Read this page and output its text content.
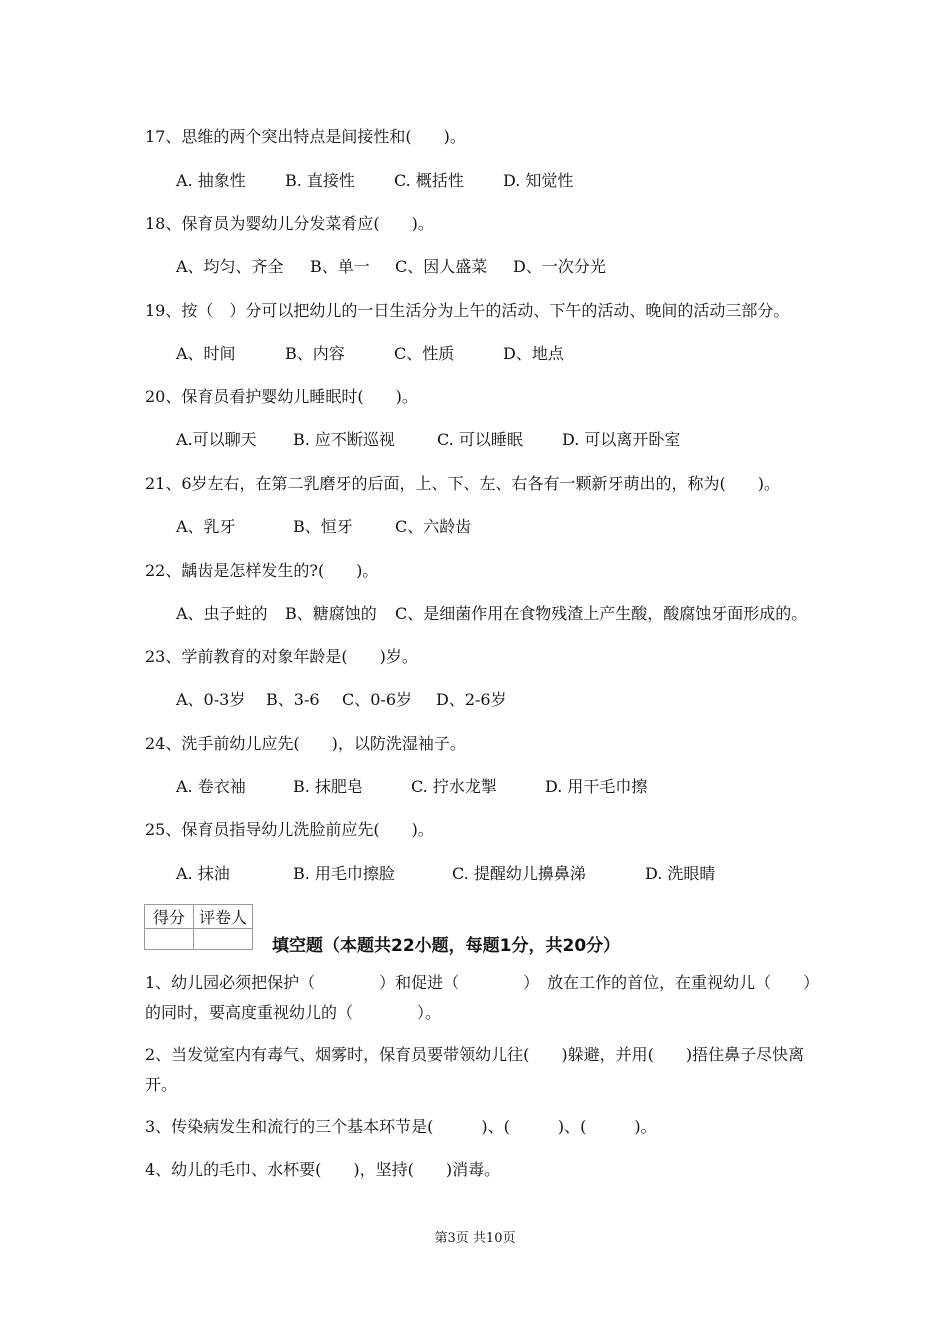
17、思维的两个突出特点是间接性和(　　)。
A. 抽象性 B. 直接性 C. 概括性 D. 知觉性
18、保育员为婴幼儿分发菜肴应(　　)。
A、均匀、齐全 B、单一 C、因人盛菜 D、一次分光
19、按（　）分可以把幼儿的一日生活分为上午的活动、下午的活动、晚间的活动三部分。
A、时间	B、内容	C、性质	D、地点
20、保育员看护婴幼儿睡眠时(　　)。
A.可以聊天 B. 应不断巡视	C. 可以睡眠 D. 可以离开卧室
21、6岁左右，在第二乳磨牙的后面，上、下、左、右各有一颗新牙萌出的，称为(　　)。
A、乳牙	B、恒牙	C、六龄齿
22、龋齿是怎样发生的?(　　)。
A、虫子蛀的 B、糖腐蚀的 C、是细菌作用在食物残渣上产生酸，酸腐蚀牙面形成的。
23、学前教育的对象年龄是(　　)岁。
A、0-3岁 B、3-6 C、0-6岁 D、2-6岁
24、洗手前幼儿应先(　　)，以防洗湿袖子。
A. 卷衣袖	B. 抹肥皂	C. 拧水龙掣	D. 用干毛巾擦
25、保育员指导幼儿洗脸前应先(　　)。
A. 抹油	B. 用毛巾擦脸	C. 提醒幼儿擤鼻涕	D. 洗眼睛
得分	评卷人

填空题（本题共22小题，每题1分，共20分）
1、幼儿园必须把保护（　　　　）和促进（　　　　）　放在工作的首位，在重视幼儿（　　）的同时，要高度重视幼儿的（　　　　）。
2、当发觉室内有毒气、烟雾时，保育员要带领幼儿往(　　)躲避，并用(　　)捂住鼻子尽快离开。
3、传染病发生和流行的三个基本环节是(　　　)、(　　　)、(　　　)。
4、幼儿的毛巾、水杯要(　　)，坚持(　　)消毒。
第3页 共10页
